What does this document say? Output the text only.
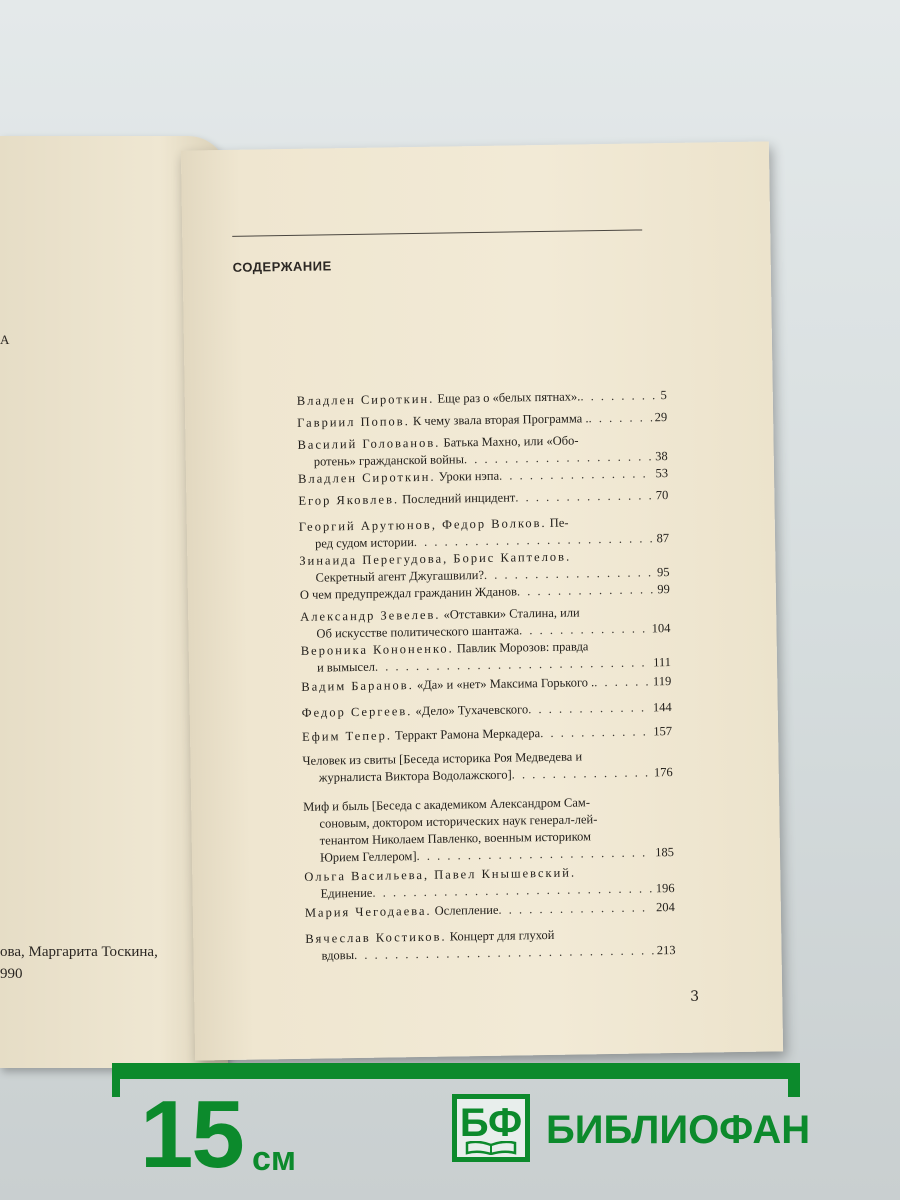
А
ова, Маргарита Тоскина,
990
СОДЕРЖАНИЕ
Владлен Сироткин. Еще раз о «белых пятнах». . . .	5
Гавриил Попов. К чему звала вторая Программа . . . .	29
Василий Голованов. Батька Махно, или «Обо-
ротень» гражданской войны . . .	38
Владлен Сироткин. Уроки нэпа . . .	53
Егор Яковлев. Последний инцидент . . .	70
Георгий Арутюнов, Федор Волков. Пе-
ред судом истории . . .	87
Зинаида Перегудова, Борис Каптелов.
Секретный агент Джугашвили? . . .	95
О чем предупреждал гражданин Жданов . . .	99
Александр Зевелев. «Отставки» Сталина, или
Об искусстве политического шантажа . . .	104
Вероника Кононенко. Павлик Морозов: правда
и вымысел . . .	111
Вадим Баранов. «Да» и «нет» Максима Горького . . . .	119
Федор Сергеев. «Дело» Тухачевского . . .	144
Ефим Тепер. Терракт Рамона Меркадера . . .	157
Человек из свиты [Беседа историка Роя Медведева и
журналиста Виктора Водолажского] . . .	176
Миф и быль [Беседа с академиком Александром Сам-
соновым, доктором исторических наук генерал-лей-
тенантом Николаем Павленко, военным историком
Юрием Геллером] . . .	185
Ольга Васильева, Павел Кнышевский.
Единение . . .	196
Мария Чегодаева. Ослепление . . .	204
Вячеслав Костиков. Концерт для глухой
вдовы . . .	213
3
15 см
БФ БИБЛИОФАН
